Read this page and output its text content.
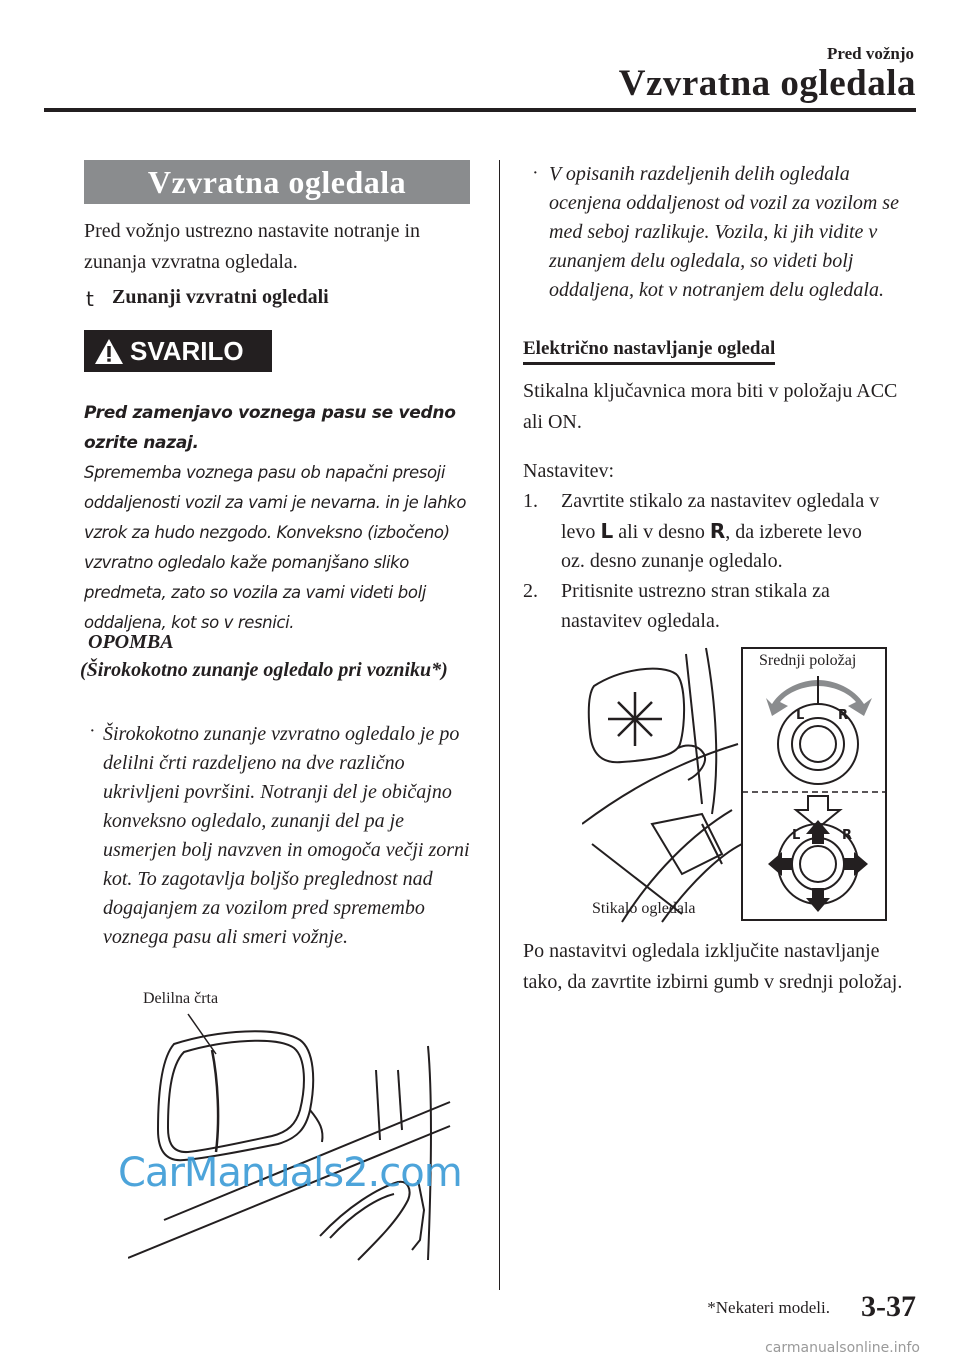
Pred vožnjo
Vzvratna ogledala
Vzvratna ogledala
Pred vožnjo ustrezno nastavite notranje in zunanja vzvratna ogledala.
t Zunanji vzvratni ogledali
SVARILO
Pred zamenjavo voznega pasu se vedno ozrite nazaj.
Sprememba voznega pasu ob napačni presoji oddaljenosti vozil za vami je nevarna. in je lahko vzrok za hudo nezgodo. Konveksno (izbočeno) vzvratno ogledalo kaže pomanjšano sliko predmeta, zato so vozila za vami videti bolj oddaljena, kot so v resnici.
OPOMBA
(Širokokotno zunanje ogledalo pri vozniku*)
· Širokokotno zunanje vzvratno ogledalo je po delilni črti razdeljeno na dve različno ukrivljeni površini. Notranji del je običajno konveksno ogledalo, zunanji del pa je usmerjen bolj navzven in omogoča večji zorni kot. To zagotavlja boljšo preglednost nad dogajanjem za vozilom pred spremembo voznega pasu ali smeri vožnje.
Delilna črta
· V opisanih razdeljenih delih ogledala ocenjena oddaljenost od vozil za vozilom se med seboj razlikuje. Vozila, ki jih vidite v zunanjem delu ogledala, so videti bolj oddaljena, kot v notranjem delu ogledala.
Električno nastavljanje ogledal
Stikalna ključavnica mora biti v položaju ACC ali ON.
Nastavitev:
1. Zavrtite stikalo za nastavitev ogledala v
levo L ali v desno R, da izberete levo
oz. desno zunanje ogledalo.
2. Pritisnite ustrezno stran stikala za
nastavitev ogledala.
L	R
L	R
Srednji položaj
Stikalo ogledala
Po nastavitvi ogledala izključite nastavljanje tako, da zavrtite izbirni gumb v srednji položaj.
CarManuals2.com
*Nekateri modeli. 3-37
carmanualsonline.info
